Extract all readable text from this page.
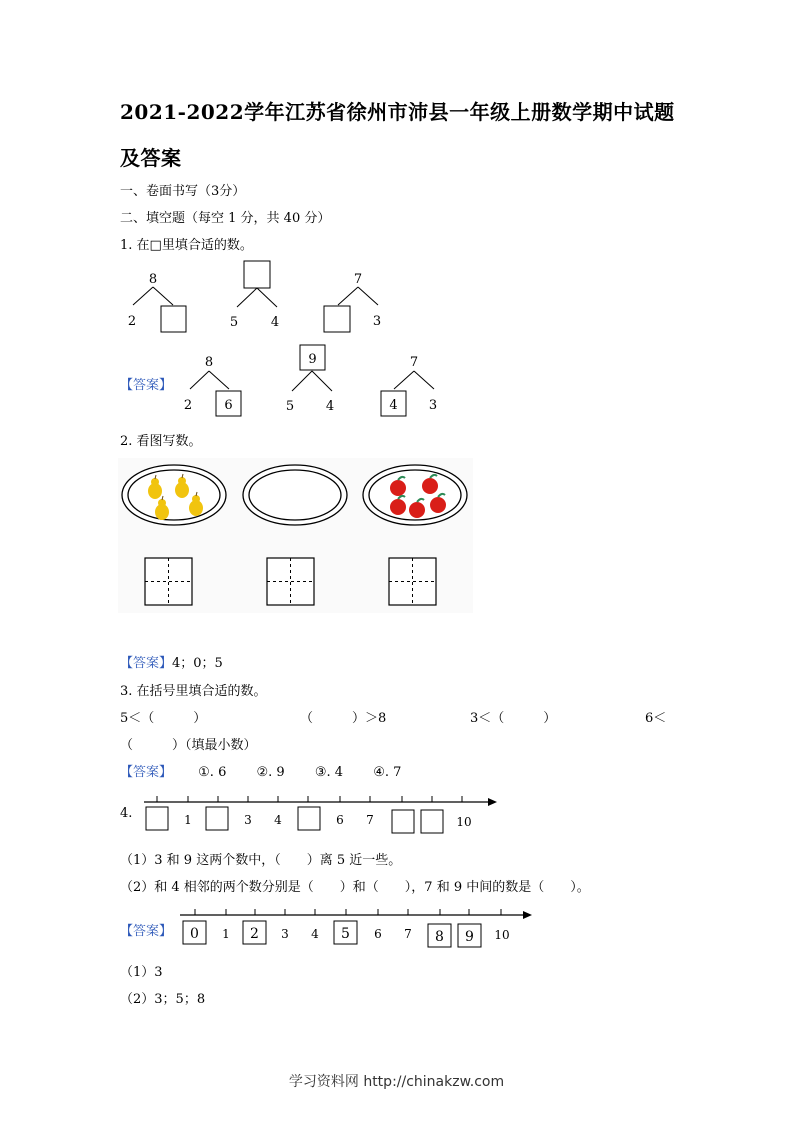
2021-2022学年江苏省徐州市沛县一年级上册数学期中试题
及答案
一、卷面书写（3分）
二、填空题（每空 1 分，共 40 分）
1. 在□里填合适的数。
8
2	5	4
7
3
【答案】
8
2 6
9
5 4
7
4 3
2. 看图写数。
【答案】4；0；5
3. 在括号里填合适的数。
5＜（　　　）	（　　　）＞8	3＜（　　　）	6＜
（　　　）（填最小数）
【答案】 ①. 6 ②. 9 ③. 4 ④. 7
4.	1	3 4	6 7	10
（1）3 和 9 这两个数中，（　　）离 5 近一些。
（2）和 4 相邻的两个数分别是（　　）和（　　），7 和 9 中间的数是（　　）。
【答案】 0 1 2 3 4 5 6 7 8 9 10
（1）3
（2）3；5；8
学习资料网 http://chinakzw.com
